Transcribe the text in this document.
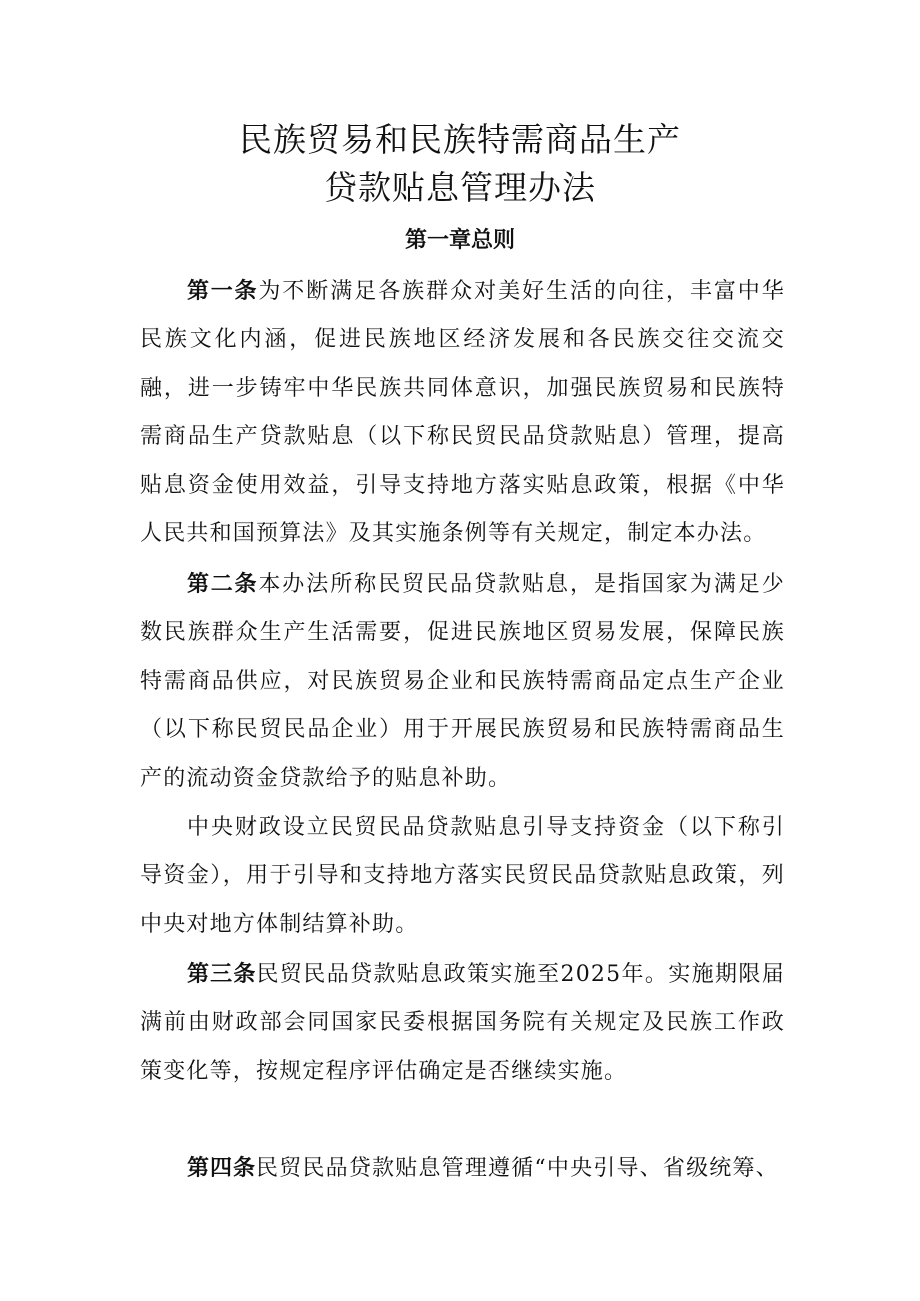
民族贸易和民族特需商品生产
贷款贴息管理办法
第一章总则

第一条为不断满足各族群众对美好生活的向往，丰富中华民族文化内涵，促进民族地区经济发展和各民族交往交流交融，进一步铸牢中华民族共同体意识，加强民族贸易和民族特需商品生产贷款贴息（以下称民贸民品贷款贴息）管理，提高贴息资金使用效益，引导支持地方落实贴息政策，根据《中华人民共和国预算法》及其实施条例等有关规定，制定本办法。

第二条本办法所称民贸民品贷款贴息，是指国家为满足少数民族群众生产生活需要，促进民族地区贸易发展，保障民族特需商品供应，对民族贸易企业和民族特需商品定点生产企业（以下称民贸民品企业）用于开展民族贸易和民族特需商品生产的流动资金贷款给予的贴息补助。

中央财政设立民贸民品贷款贴息引导支持资金（以下称引导资金），用于引导和支持地方落实民贸民品贷款贴息政策，列中央对地方体制结算补助。

第三条民贸民品贷款贴息政策实施至2025年。实施期限届满前由财政部会同国家民委根据国务院有关规定及民族工作政策变化等，按规定程序评估确定是否继续实施。

第四条民贸民品贷款贴息管理遵循“中央引导、省级统筹、
